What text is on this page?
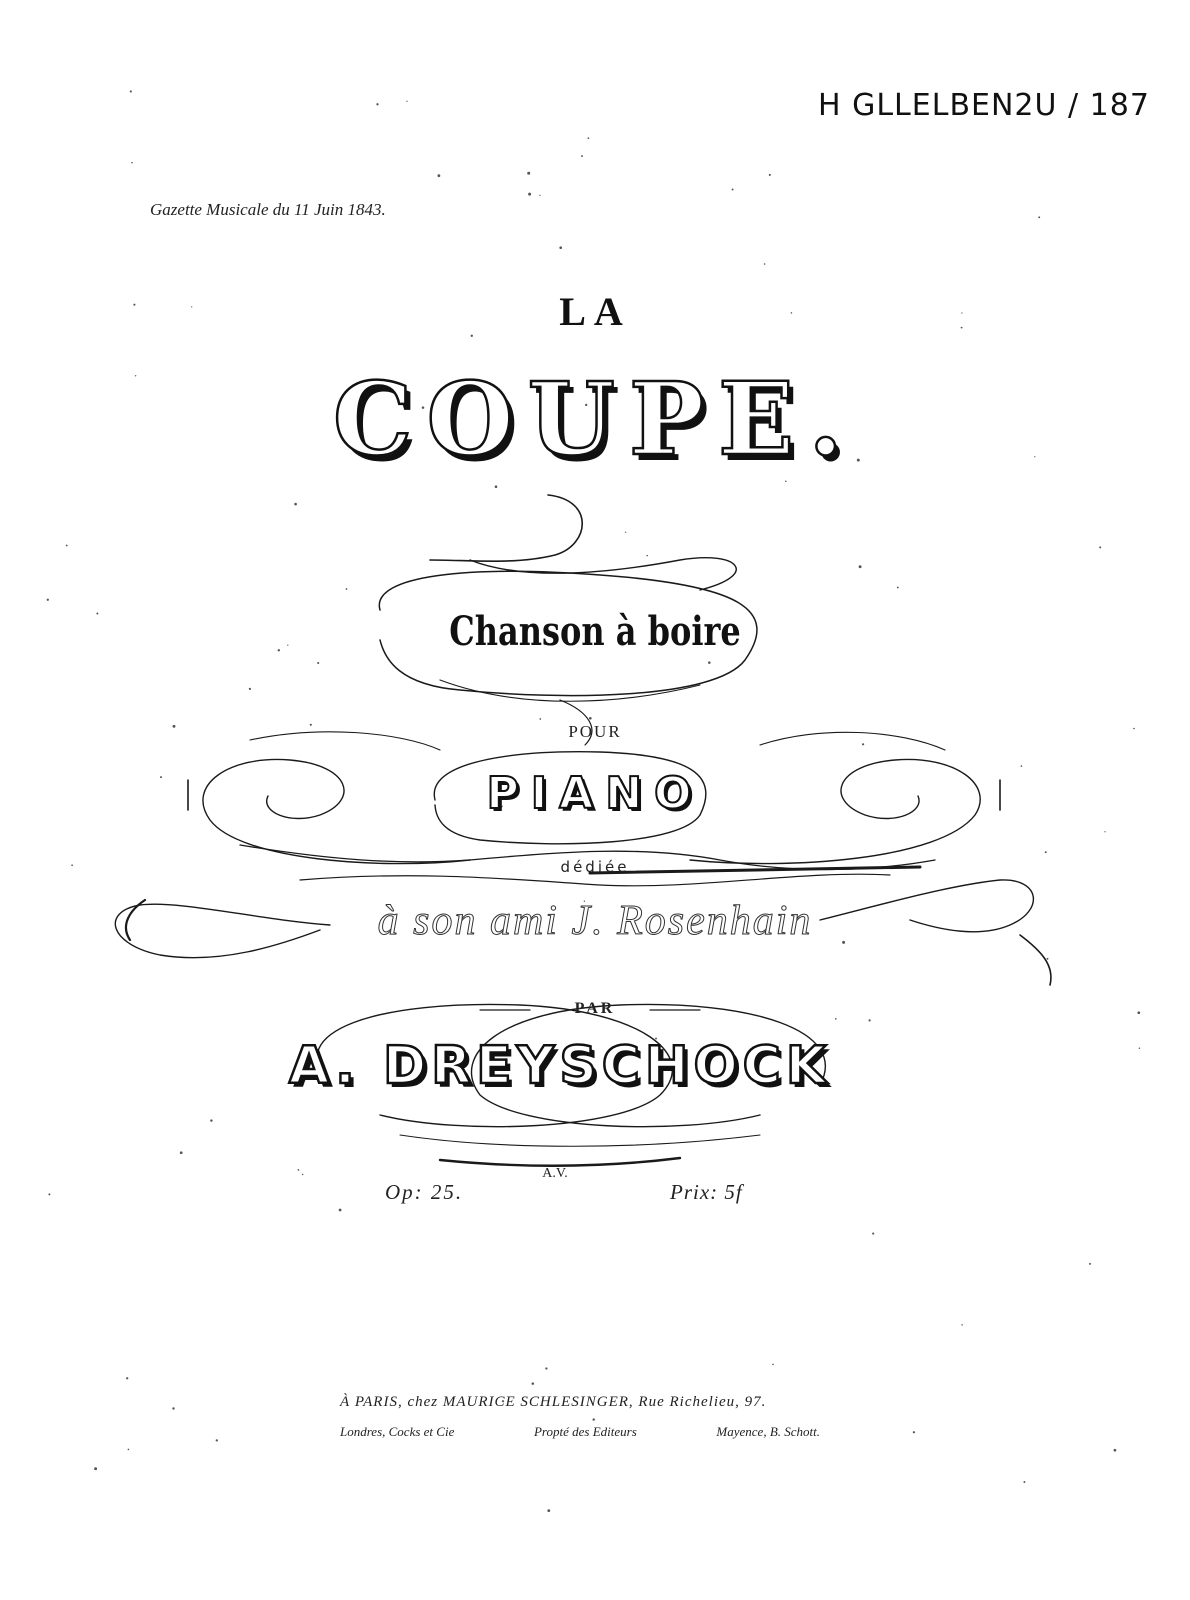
H GLLELBEN2U / 187
Gazette Musicale du 11 Juin 1843.
LA
COUPE.
Chanson à boire
POUR
PIANO
dédiée
à son ami J. Rosenhain
PAR
A. DREYSCHOCK
A.V.
Op: 25.	Prix: 5f
À PARIS, chez MAURICE SCHLESINGER, Rue Richelieu, 97.
Londres, Cocks et Cie	Propté des Editeurs	Mayence, B. Schott.
